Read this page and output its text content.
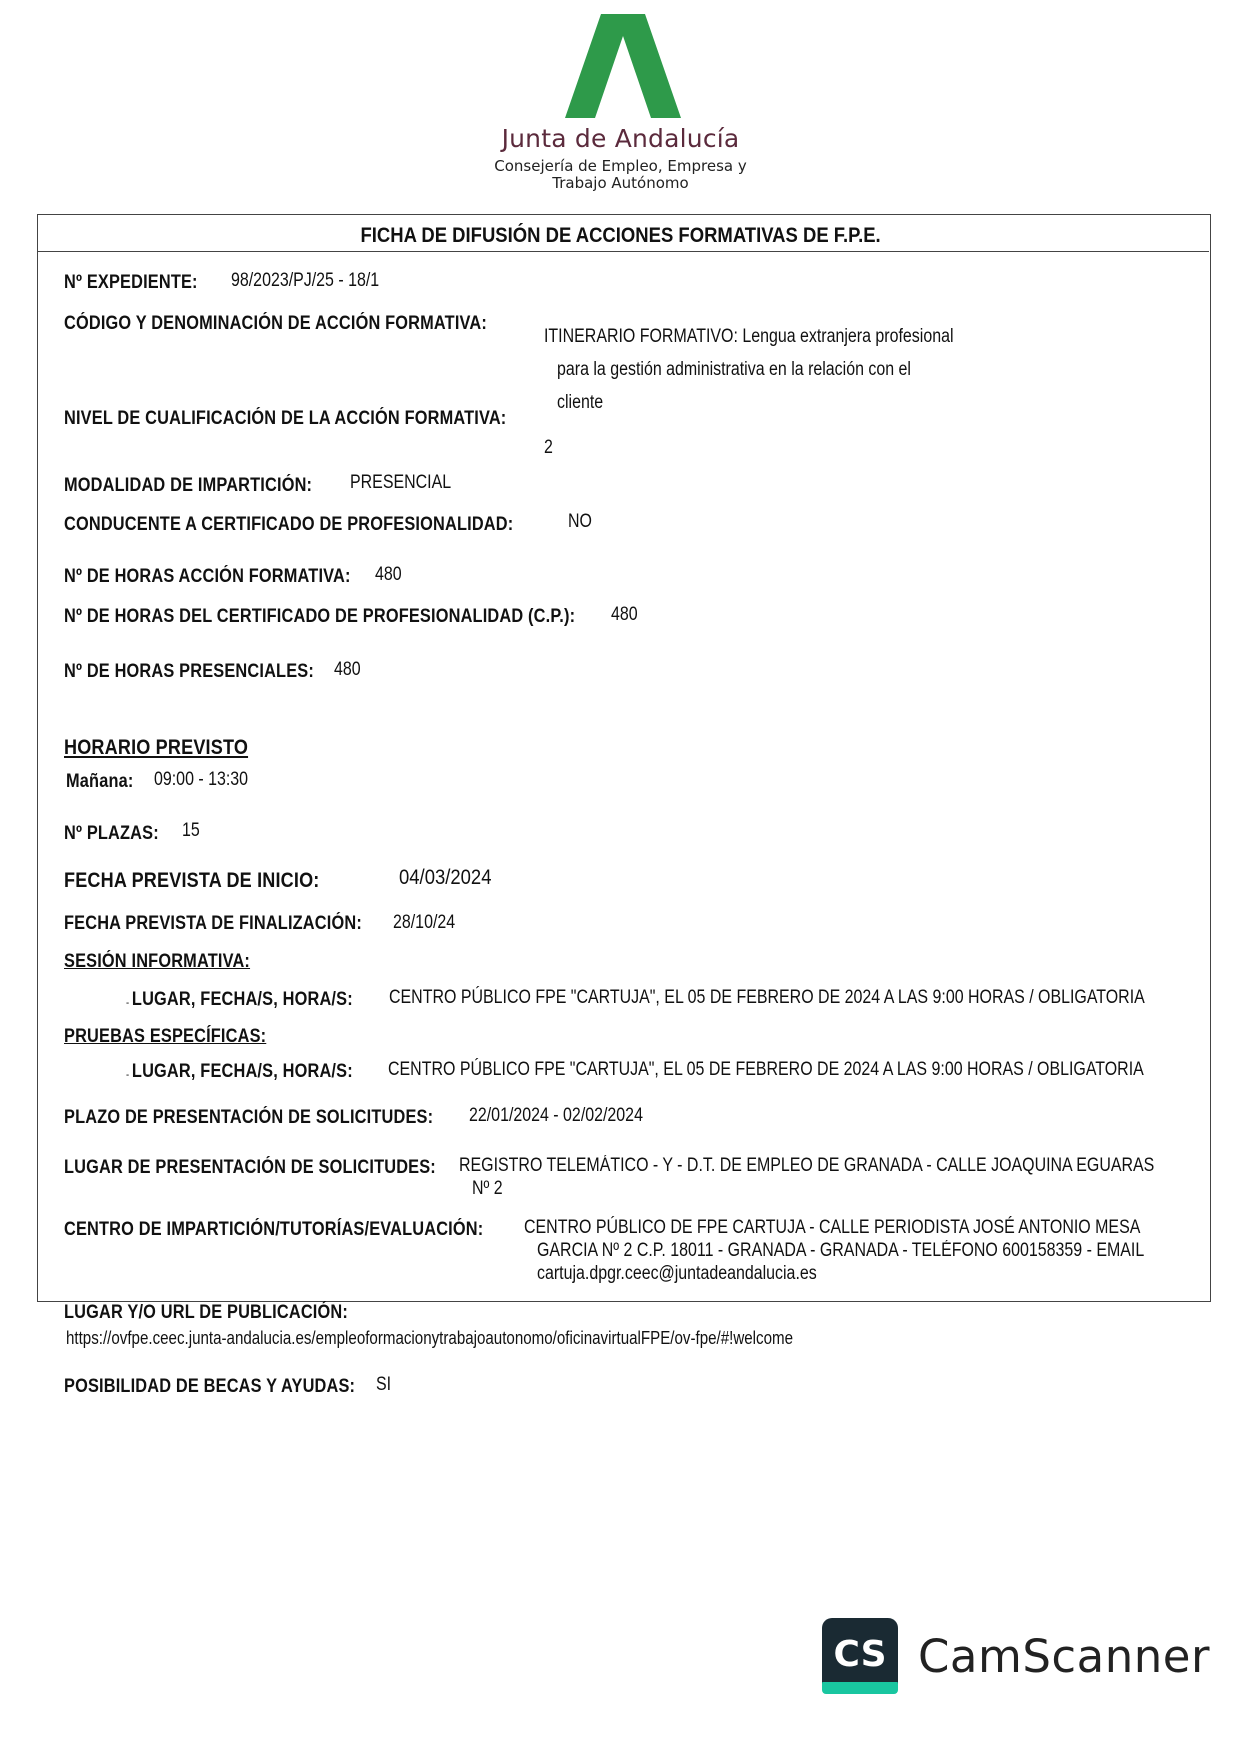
Junta de Andalucía
Consejería de Empleo, Empresa y
Trabajo Autónomo
FICHA DE DIFUSIÓN DE ACCIONES FORMATIVAS DE F.P.E.
Nº EXPEDIENTE: 98/2023/PJ/25 - 18/1
CÓDIGO Y DENOMINACIÓN DE ACCIÓN FORMATIVA:
ITINERARIO FORMATIVO: Lengua extranjera profesional
para la gestión administrativa en la relación con el
cliente
NIVEL DE CUALIFICACIÓN DE LA ACCIÓN FORMATIVA:
2
MODALIDAD DE IMPARTICIÓN: PRESENCIAL
CONDUCENTE A CERTIFICADO DE PROFESIONALIDAD:	NO
Nº DE HORAS ACCIÓN FORMATIVA: 480
Nº DE HORAS DEL CERTIFICADO DE PROFESIONALIDAD (C.P.): 480
Nº DE HORAS PRESENCIALES: 480
HORARIO PREVISTO
Mañana: 09:00 - 13:30
Nº PLAZAS: 15
FECHA PREVISTA DE INICIO:	04/03/2024
FECHA PREVISTA DE FINALIZACIÓN: 28/10/24
SESIÓN INFORMATIVA:
- LUGAR, FECHA/S, HORA/S: CENTRO PÚBLICO FPE "CARTUJA", EL 05 DE FEBRERO DE 2024 A LAS 9:00 HORAS / OBLIGATORIA
PRUEBAS ESPECÍFICAS:
- LUGAR, FECHA/S, HORA/S: CENTRO PÚBLICO FPE "CARTUJA", EL 05 DE FEBRERO DE 2024 A LAS 9:00 HORAS / OBLIGATORIA
PLAZO DE PRESENTACIÓN DE SOLICITUDES: 22/01/2024 - 02/02/2024
LUGAR DE PRESENTACIÓN DE SOLICITUDES: REGISTRO TELEMÁTICO - Y - D.T. DE EMPLEO DE GRANADA - CALLE JOAQUINA EGUARAS
Nº 2
CENTRO DE IMPARTICIÓN/TUTORÍAS/EVALUACIÓN: CENTRO PÚBLICO DE FPE CARTUJA - CALLE PERIODISTA JOSÉ ANTONIO MESA
GARCIA Nº 2 C.P. 18011 - GRANADA - GRANADA - TELÉFONO 600158359 - EMAIL
cartuja.dpgr.ceec@juntadeandalucia.es
LUGAR Y/O URL DE PUBLICACIÓN:
https://ovfpe.ceec.junta-andalucia.es/empleoformacionytrabajoautonomo/oficinavirtualFPE/ov-fpe/#!welcome
POSIBILIDAD DE BECAS Y AYUDAS: SI
CS CamScanner
